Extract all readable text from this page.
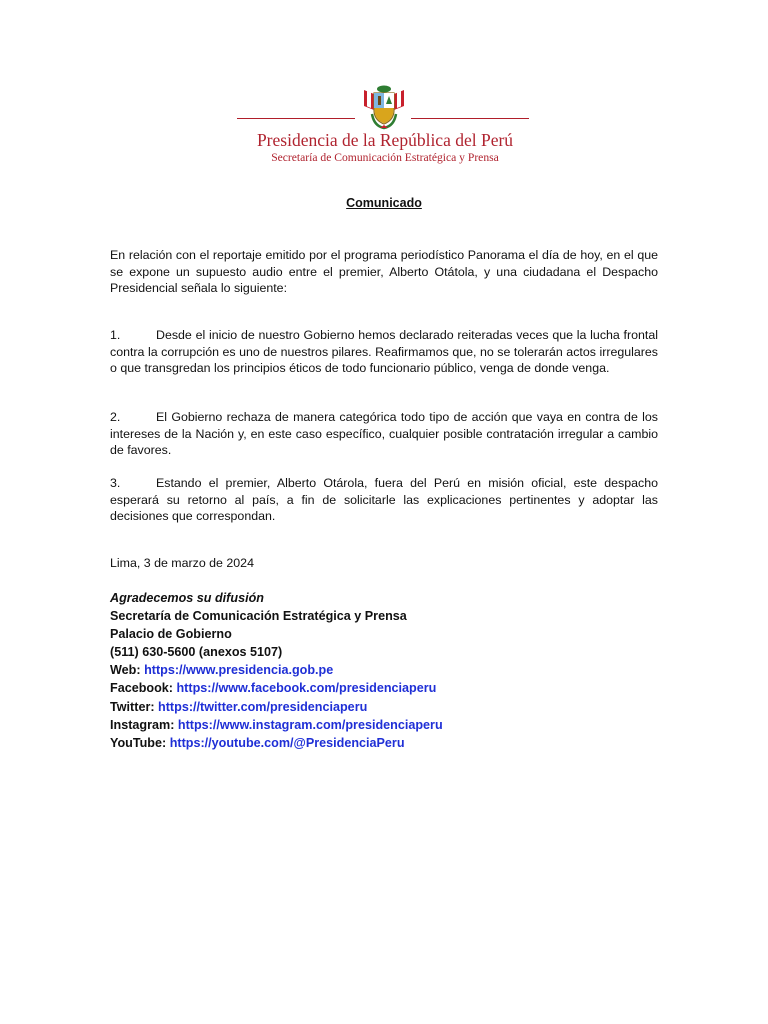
Presidencia de la República del Perú
Secretaría de Comunicación Estratégica y Prensa
Comunicado
En relación con el reportaje emitido por el programa periodístico Panorama el día de hoy, en el que se expone un supuesto audio entre el premier, Alberto Otátola, y una ciudadana el Despacho Presidencial señala lo siguiente:
1.	Desde el inicio de nuestro Gobierno hemos declarado reiteradas veces que la lucha frontal contra la corrupción es uno de nuestros pilares. Reafirmamos que, no se tolerarán actos irregulares o que transgredan los principios éticos de todo funcionario público, venga de donde venga.
2.	El Gobierno rechaza de manera categórica todo tipo de acción que vaya en contra de los intereses de la Nación y, en este caso específico, cualquier posible contratación irregular a cambio de favores.
3.	Estando el premier, Alberto Otárola, fuera del Perú en misión oficial, este despacho esperará su retorno al país, a fin de solicitarle las explicaciones pertinentes y adoptar las decisiones que correspondan.
Lima, 3 de marzo de 2024
Agradecemos su difusión
Secretaría de Comunicación Estratégica y Prensa
Palacio de Gobierno
(511) 630-5600 (anexos 5107)
Web: https://www.presidencia.gob.pe
Facebook: https://www.facebook.com/presidenciaperu
Twitter: https://twitter.com/presidenciaperu
Instagram: https://www.instagram.com/presidenciaperu
YouTube: https://youtube.com/@PresidenciaPeru
